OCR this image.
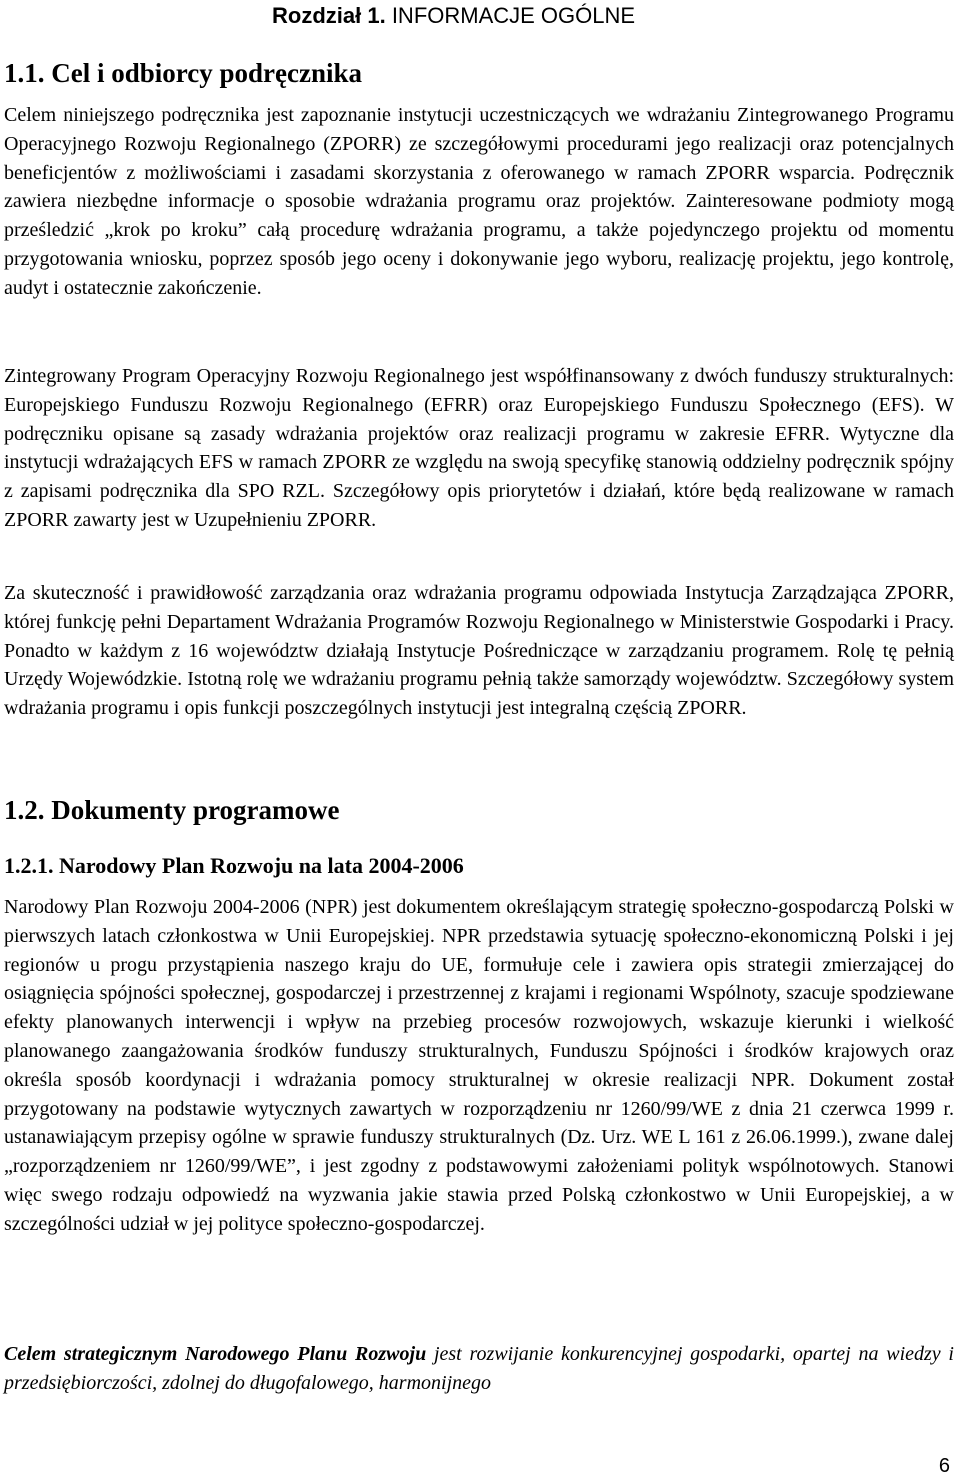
Rozdział 1. INFORMACJE OGÓLNE
1.1. Cel i odbiorcy podręcznika
Celem niniejszego podręcznika jest zapoznanie instytucji uczestniczących we wdrażaniu Zintegrowanego Programu Operacyjnego Rozwoju Regionalnego (ZPORR) ze szczegółowymi procedurami jego realizacji oraz potencjalnych beneficjentów z możliwościami i zasadami skorzystania z oferowanego w ramach ZPORR wsparcia. Podręcznik zawiera niezbędne informacje o sposobie wdrażania programu oraz projektów. Zainteresowane podmioty mogą prześledzić „krok po kroku” całą procedurę wdrażania programu, a także pojedynczego projektu od momentu przygotowania wniosku, poprzez sposób jego oceny i dokonywanie jego wyboru, realizację projektu, jego kontrolę, audyt i ostatecznie zakończenie.
Zintegrowany Program Operacyjny Rozwoju Regionalnego jest współfinansowany z dwóch funduszy strukturalnych: Europejskiego Funduszu Rozwoju Regionalnego (EFRR) oraz Europejskiego Funduszu Społecznego (EFS). W podręczniku opisane są zasady wdrażania projektów oraz realizacji programu w zakresie EFRR. Wytyczne dla instytucji wdrażających EFS w ramach ZPORR ze względu na swoją specyfikę stanowią oddzielny podręcznik spójny z zapisami podręcznika dla SPO RZL. Szczegółowy opis priorytetów i działań, które będą realizowane w ramach ZPORR zawarty jest w Uzupełnieniu ZPORR.
Za skuteczność i prawidłowość zarządzania oraz wdrażania programu odpowiada Instytucja Zarządzająca ZPORR, której funkcję pełni Departament Wdrażania Programów Rozwoju Regionalnego w Ministerstwie Gospodarki i Pracy. Ponadto w każdym z 16 województw działają Instytucje Pośredniczące w zarządzaniu programem. Rolę tę pełnią Urzędy Wojewódzkie. Istotną rolę we wdrażaniu programu pełnią także samorządy województw. Szczegółowy system wdrażania programu i opis funkcji poszczególnych instytucji jest integralną częścią ZPORR.
1.2. Dokumenty programowe
1.2.1. Narodowy Plan Rozwoju na lata 2004-2006
Narodowy Plan Rozwoju 2004-2006 (NPR) jest dokumentem określającym strategię społeczno-gospodarczą Polski w pierwszych latach członkostwa w Unii Europejskiej. NPR przedstawia sytuację społeczno-ekonomiczną Polski i jej regionów u progu przystąpienia naszego kraju do UE, formułuje cele i zawiera opis strategii zmierzającej do osiągnięcia spójności społecznej, gospodarczej i przestrzennej z krajami i regionami Wspólnoty, szacuje spodziewane efekty planowanych interwencji i wpływ na przebieg procesów rozwojowych, wskazuje kierunki i wielkość planowanego zaangażowania środków funduszy strukturalnych, Funduszu Spójności i środków krajowych oraz określa sposób koordynacji i wdrażania pomocy strukturalnej w okresie realizacji NPR. Dokument został przygotowany na podstawie wytycznych zawartych w rozporządzeniu nr 1260/99/WE z dnia 21 czerwca 1999 r. ustanawiającym przepisy ogólne w sprawie funduszy strukturalnych (Dz. Urz. WE L 161 z 26.06.1999.), zwane dalej „rozporządzeniem nr 1260/99/WE”, i jest zgodny z podstawowymi założeniami polityk wspólnotowych. Stanowi więc swego rodzaju odpowiedź na wyzwania jakie stawia przed Polską członkostwo w Unii Europejskiej, a w szczególności udział w jej polityce społeczno-gospodarczej.
Celem strategicznym Narodowego Planu Rozwoju jest rozwijanie konkurencyjnej gospodarki, opartej na wiedzy i przedsiębiorczości, zdolnej do długofalowego, harmonijnego
6
